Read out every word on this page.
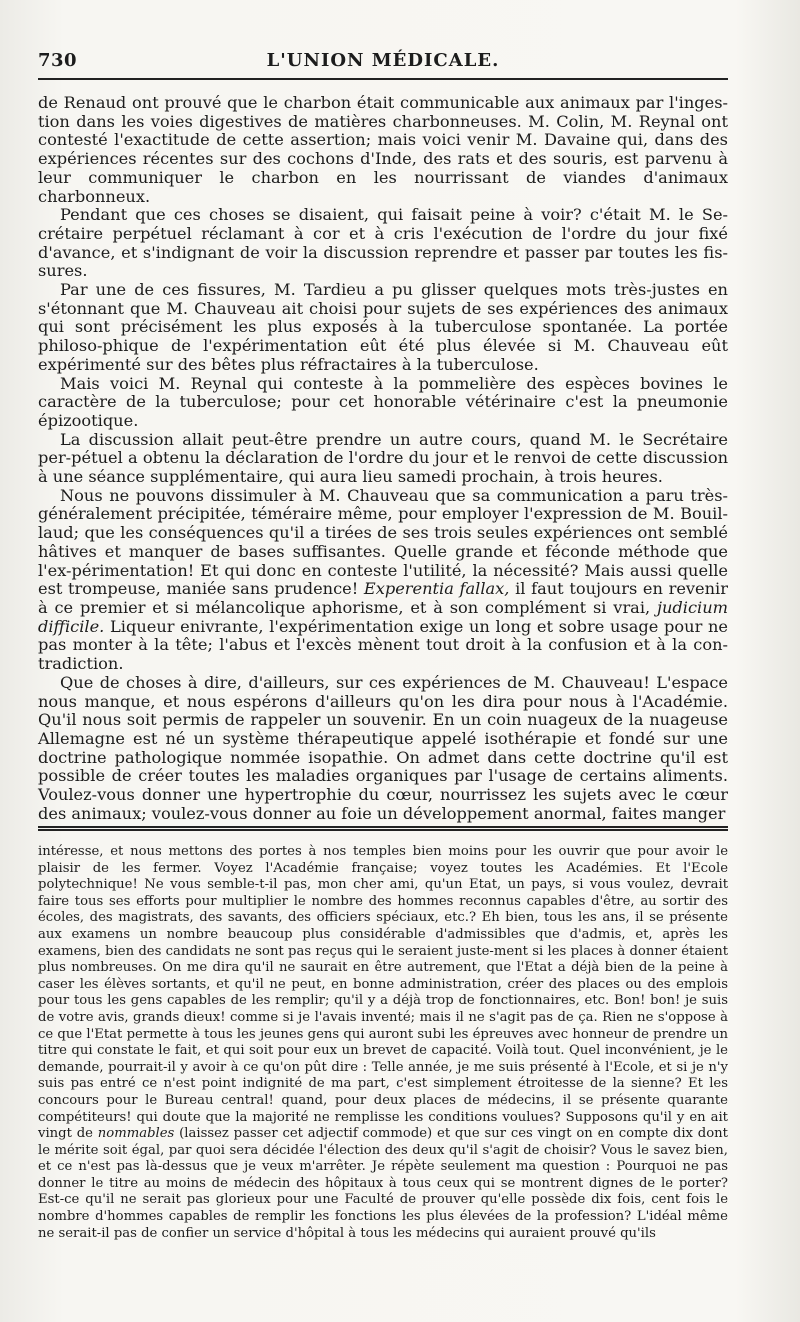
730	L'UNION MÉDICALE.

de Renaud ont prouvé que le charbon était communicable aux animaux par l'inges-tion dans les voies digestives de matières charbonneuses. M. Colin, M. Reynal ont contesté l'exactitude de cette assertion; mais voici venir M. Davaine qui, dans des expériences récentes sur des cochons d'Inde, des rats et des souris, est parvenu à leur communiquer le charbon en les nourrissant de viandes d'animaux charbonneux.

Pendant que ces choses se disaient, qui faisait peine à voir? c'était M. le Se-crétaire perpétuel réclamant à cor et à cris l'exécution de l'ordre du jour fixé d'avance, et s'indignant de voir la discussion reprendre et passer par toutes les fis-sures.

Par une de ces fissures, M. Tardieu a pu glisser quelques mots très-justes en s'étonnant que M. Chauveau ait choisi pour sujets de ses expériences des animaux qui sont précisément les plus exposés à la tuberculose spontanée. La portée philoso-phique de l'expérimentation eût été plus élevée si M. Chauveau eût expérimenté sur des bêtes plus réfractaires à la tuberculose.

Mais voici M. Reynal qui conteste à la pommelière des espèces bovines le caractère de la tuberculose; pour cet honorable vétérinaire c'est la pneumonie épizootique.

La discussion allait peut-être prendre un autre cours, quand M. le Secrétaire per-pétuel a obtenu la déclaration de l'ordre du jour et le renvoi de cette discussion à une séance supplémentaire, qui aura lieu samedi prochain, à trois heures.

Nous ne pouvons dissimuler à M. Chauveau que sa communication a paru très-généralement précipitée, téméraire même, pour employer l'expression de M. Bouil-laud; que les conséquences qu'il a tirées de ses trois seules expériences ont semblé hâtives et manquer de bases suffisantes. Quelle grande et féconde méthode que l'ex-périmentation! Et qui donc en conteste l'utilité, la nécessité? Mais aussi quelle est trompeuse, maniée sans prudence! Experentia fallax, il faut toujours en revenir à ce premier et si mélancolique aphorisme, et à son complément si vrai, judicium difficile. Liqueur enivrante, l'expérimentation exige un long et sobre usage pour ne pas monter à la tête; l'abus et l'excès mènent tout droit à la confusion et à la con-tradiction.

Que de choses à dire, d'ailleurs, sur ces expériences de M. Chauveau! L'espace nous manque, et nous espérons d'ailleurs qu'on les dira pour nous à l'Académie. Qu'il nous soit permis de rappeler un souvenir. En un coin nuageux de la nuageuse Allemagne est né un système thérapeutique appelé isothérapie et fondé sur une doctrine pathologique nommée isopathie. On admet dans cette doctrine qu'il est possible de créer toutes les maladies organiques par l'usage de certains aliments. Voulez-vous donner une hypertrophie du cœur, nourrissez les sujets avec le cœur des animaux; voulez-vous donner au foie un développement anormal, faites manger

intéresse, et nous mettons des portes à nos temples bien moins pour les ouvrir que pour avoir le plaisir de les fermer. Voyez l'Académie française; voyez toutes les Académies. Et l'Ecole polytechnique! Ne vous semble-t-il pas, mon cher ami, qu'un Etat, un pays, si vous voulez, devrait faire tous ses efforts pour multiplier le nombre des hommes reconnus capables d'être, au sortir des écoles, des magistrats, des savants, des officiers spéciaux, etc.? Eh bien, tous les ans, il se présente aux examens un nombre beaucoup plus considérable d'admissibles que d'admis, et, après les examens, bien des candidats ne sont pas reçus qui le seraient juste-ment si les places à donner étaient plus nombreuses. On me dira qu'il ne saurait en être autrement, que l'Etat a déjà bien de la peine à caser les élèves sortants, et qu'il ne peut, en bonne administration, créer des places ou des emplois pour tous les gens capables de les remplir; qu'il y a déjà trop de fonctionnaires, etc. Bon! bon! je suis de votre avis, grands dieux! comme si je l'avais inventé; mais il ne s'agit pas de ça. Rien ne s'oppose à ce que l'Etat permette à tous les jeunes gens qui auront subi les épreuves avec honneur de prendre un titre qui constate le fait, et qui soit pour eux un brevet de capacité. Voilà tout. Quel inconvénient, je le demande, pourrait-il y avoir à ce qu'on pût dire : Telle année, je me suis présenté à l'Ecole, et si je n'y suis pas entré ce n'est point indignité de ma part, c'est simplement étroitesse de la sienne? Et les concours pour le Bureau central! quand, pour deux places de médecins, il se présente quarante compétiteurs! qui doute que la majorité ne remplisse les conditions voulues? Supposons qu'il y en ait vingt de nommables (laissez passer cet adjectif commode) et que sur ces vingt on en compte dix dont le mérite soit égal, par quoi sera décidée l'élection des deux qu'il s'agit de choisir? Vous le savez bien, et ce n'est pas là-dessus que je veux m'arrêter. Je répète seulement ma question : Pourquoi ne pas donner le titre au moins de médecin des hôpitaux à tous ceux qui se montrent dignes de le porter? Est-ce qu'il ne serait pas glorieux pour une Faculté de prouver qu'elle possède dix fois, cent fois le nombre d'hommes capables de remplir les fonctions les plus élevées de la profession? L'idéal même ne serait-il pas de confier un service d'hôpital à tous les médecins qui auraient prouvé qu'ils
